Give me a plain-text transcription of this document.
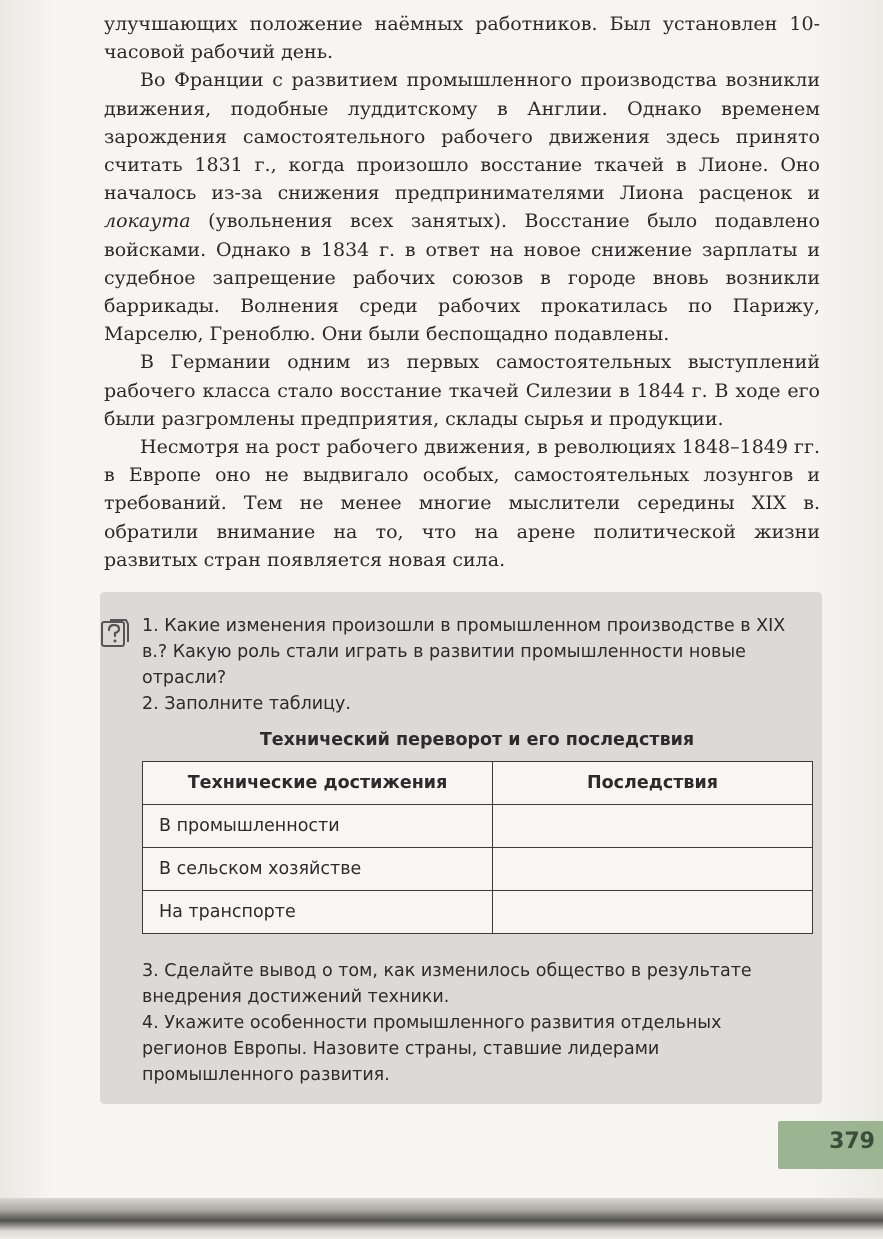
улучшающих положение наёмных работников. Был установлен 10-часовой рабочий день.

Во Франции с развитием промышленного производства возникли движения, подобные луддитскому в Англии. Однако временем зарождения самостоятельного рабочего движения здесь принято считать 1831 г., когда произошло восстание ткачей в Лионе. Оно началось из-за снижения предпринимателями Лиона расценок и локаута (увольнения всех занятых). Восстание было подавлено войсками. Однако в 1834 г. в ответ на новое снижение зарплаты и судебное запрещение рабочих союзов в городе вновь возникли баррикады. Волнения среди рабочих прокатилась по Парижу, Марселю, Греноблю. Они были беспощадно подавлены.

В Германии одним из первых самостоятельных выступлений рабочего класса стало восстание ткачей Силезии в 1844 г. В ходе его были разгромлены предприятия, склады сырья и продукции.

Несмотря на рост рабочего движения, в революциях 1848–1849 гг. в Европе оно не выдвигало особых, самостоятельных лозунгов и требований. Тем не менее многие мыслители середины XIX в. обратили внимание на то, что на арене политической жизни развитых стран появляется новая сила.

1. Какие изменения произошли в промышленном производстве в XIX в.? Какую роль стали играть в развитии промышленности новые отрасли?

2. Заполните таблицу.

Технический переворот и его последствия
Технические достижения	Последствия
В промышленности	
В сельском хозяйстве	
На транспорте	

3. Сделайте вывод о том, как изменилось общество в результате внедрения достижений техники.

4. Укажите особенности промышленного развития отдельных регионов Европы. Назовите страны, ставшие лидерами промышленного развития.

379
